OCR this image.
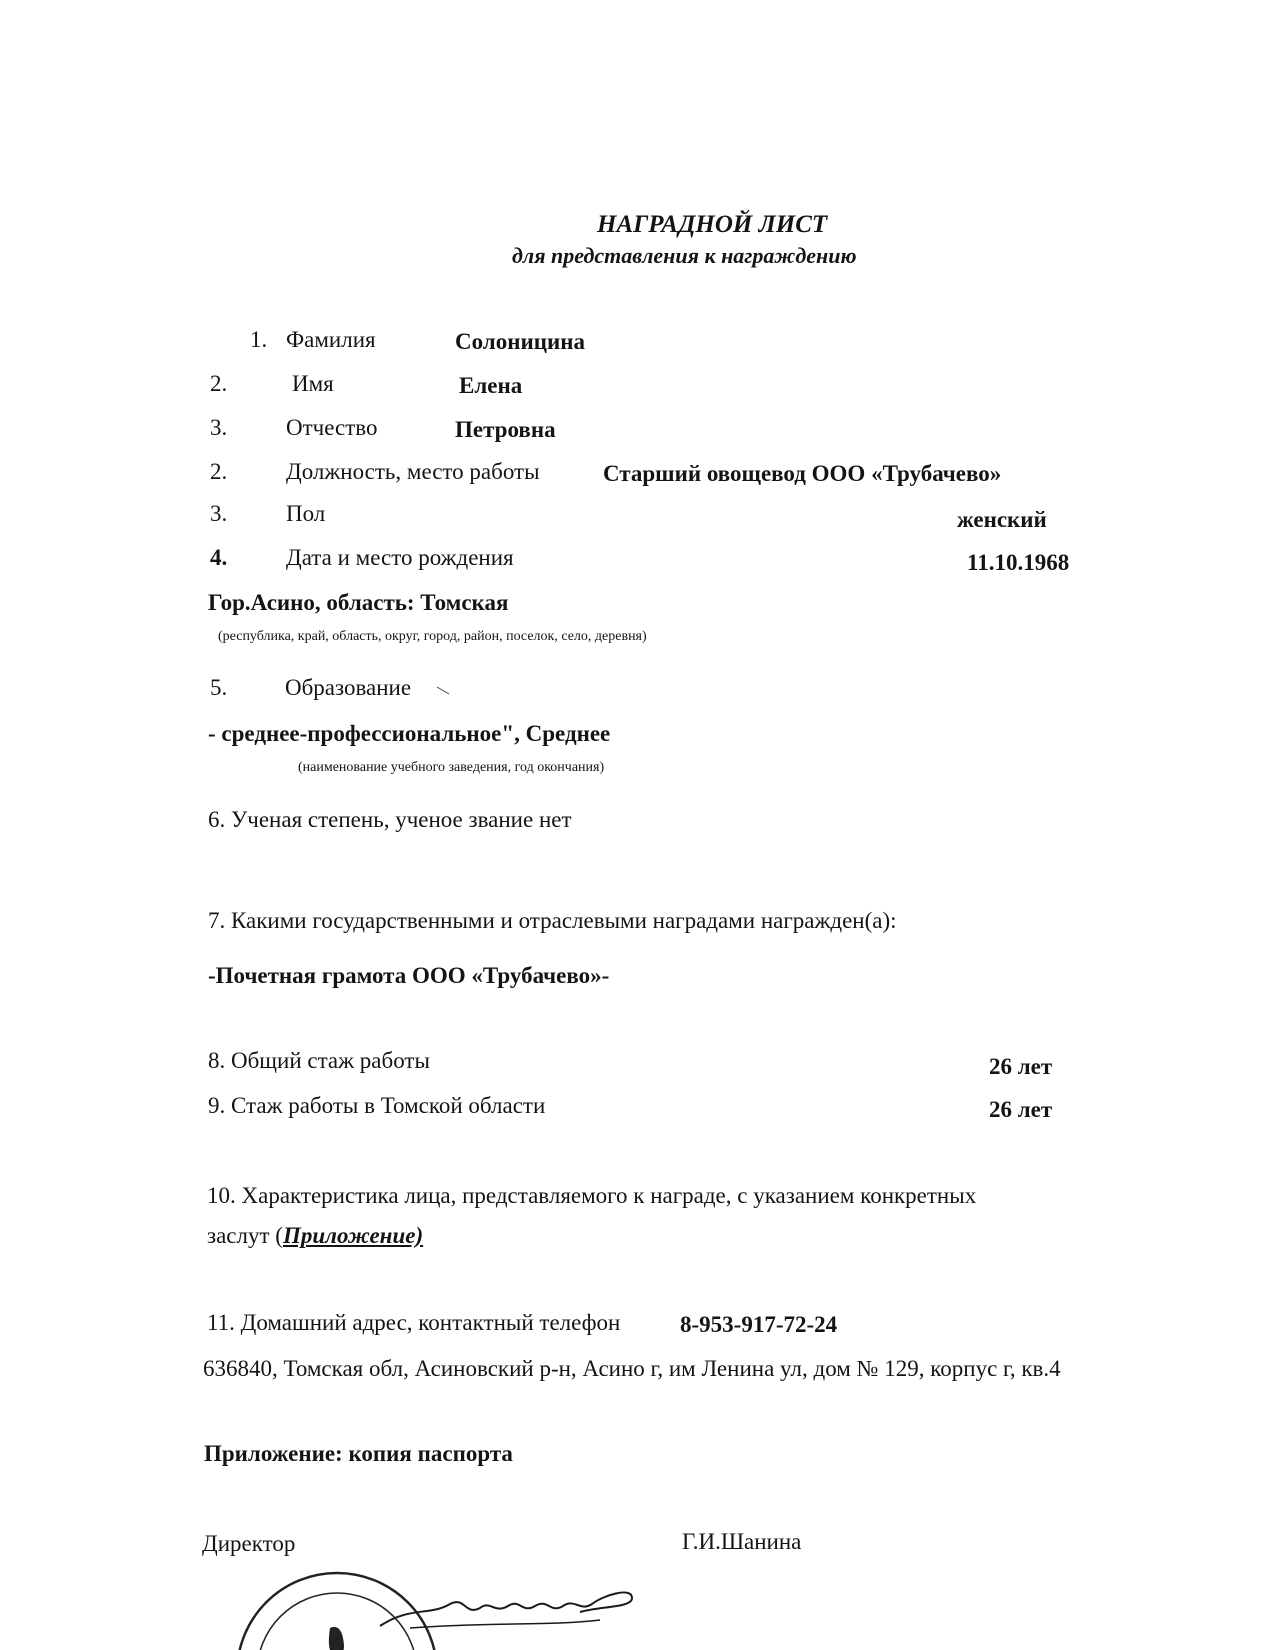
НАГРАДНОЙ ЛИСТ
для представления к награждению
1. Фамилия	Солоницина
2.	Имя	Елена
3.	Отчество	Петровна
2.	Должность, место работы	Старший овощевод ООО «Трубачево»
3.	Пол	женский
4.	Дата и место рождения	11.10.1968
Гор.Асино, область: Томская
(республика, край, область, округ, город, район, поселок, село, деревня)
5.	Образование
- среднее-профессиональное", Среднее
(наименование учебного заведения, год окончания)
6. Ученая степень, ученое звание нет
7. Какими государственными и отраслевыми наградами награжден(а):
-Почетная грамота ООО «Трубачево»-
8. Общий стаж работы	26 лет
9. Стаж работы в Томской области	26 лет
10. Характеристика лица, представляемого к награде, с указанием конкретных
заслут (Приложение)
11. Домашний адрес, контактный телефон	8-953-917-72-24
636840, Томская обл, Асиновский р-н, Асино г, им Ленина ул, дом № 129, корпус г, кв.4
Приложение: копия паспорта
Директор	Г.И.Шанина
